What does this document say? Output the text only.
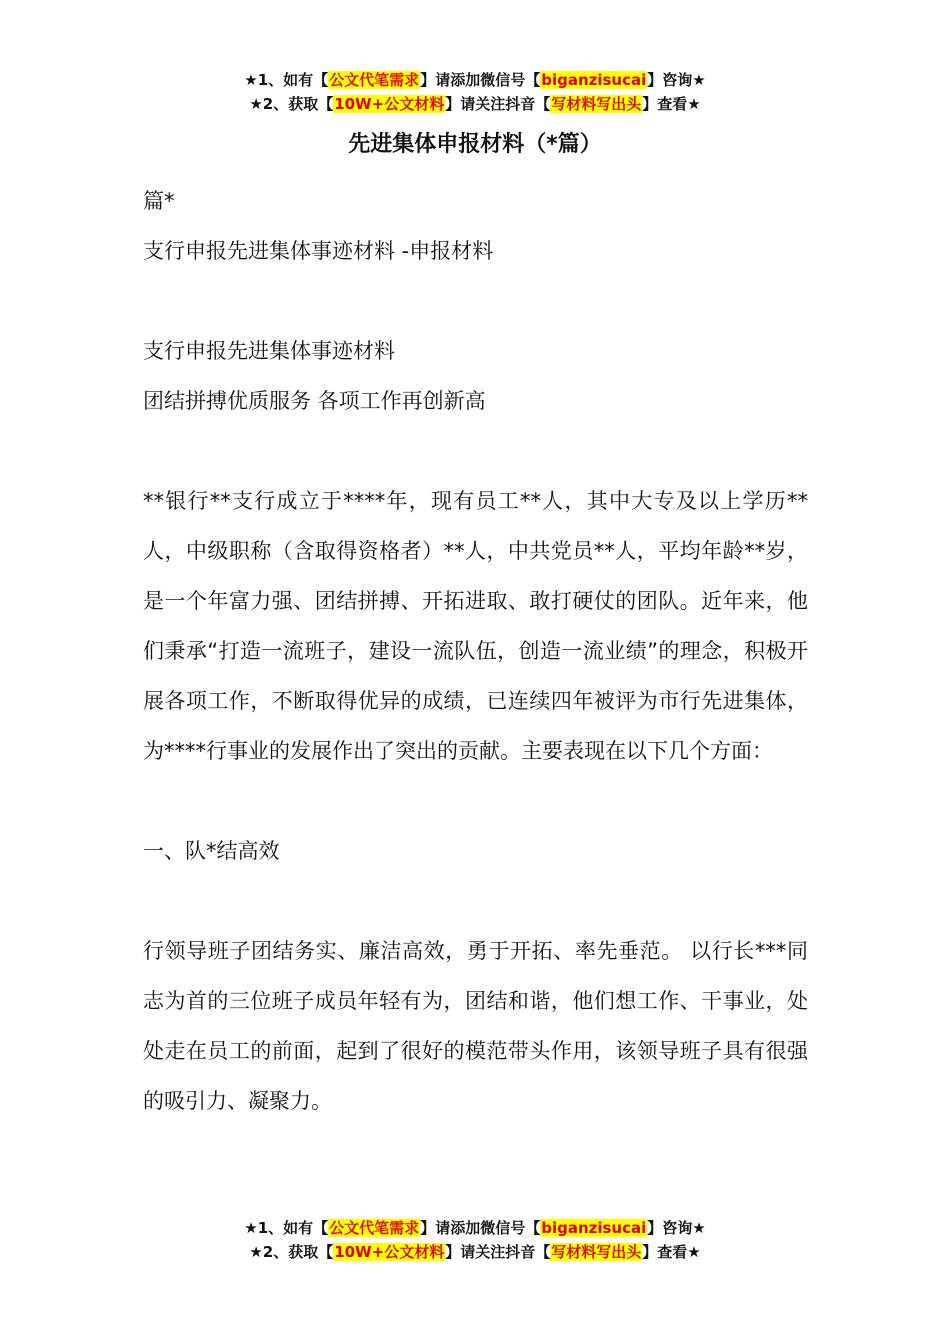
★1、如有【公文代笔需求】请添加微信号【biganzisucai】咨询★
★2、获取【10W+公文材料】请关注抖音【写材料写出头】查看★
先进集体申报材料（*篇）

篇*

支行申报先进集体事迹材料 -申报材料

支行申报先进集体事迹材料

团结拼搏优质服务 各项工作再创新高

**银行**支行成立于****年，现有员工**人，其中大专及以上学历**人，中级职称（含取得资格者）**人，中共党员**人，平均年龄**岁，是一个年富力强、团结拼搏、开拓进取、敢打硬仗的团队。近年来，他们秉承“打造一流班子，建设一流队伍，创造一流业绩”的理念，积极开展各项工作，不断取得优异的成绩，已连续四年被评为市行先进集体，为****行事业的发展作出了突出的贡献。主要表现在以下几个方面：

一、队*结高效

行领导班子团结务实、廉洁高效，勇于开拓、率先垂范。 以行长***同志为首的三位班子成员年轻有为，团结和谐，他们想工作、干事业，处处走在员工的前面，起到了很好的模范带头作用，该领导班子具有很强的吸引力、凝聚力。

★1、如有【公文代笔需求】请添加微信号【biganzisucai】咨询★
★2、获取【10W+公文材料】请关注抖音【写材料写出头】查看★
